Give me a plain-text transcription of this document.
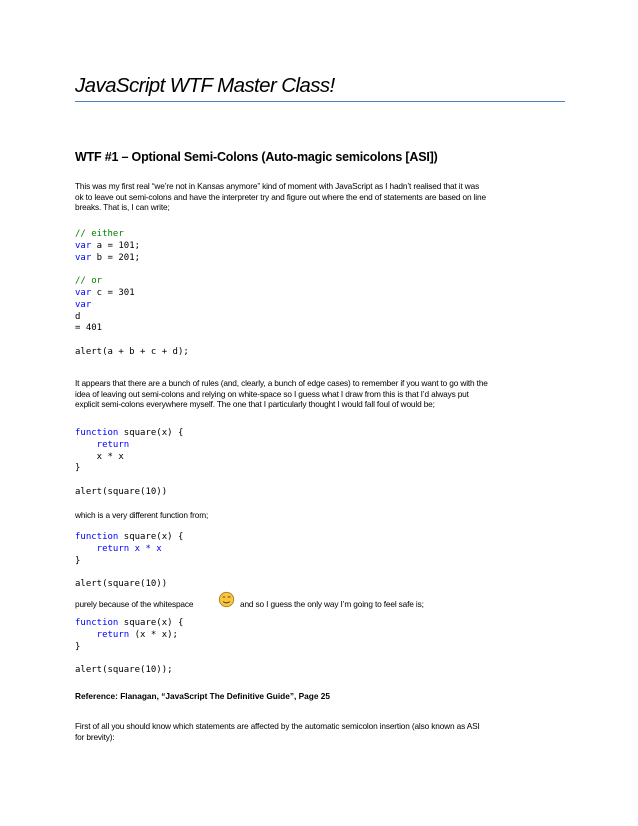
JavaScript WTF Master Class!
WTF #1 – Optional Semi-Colons (Auto-magic semicolons [ASI])

This was my first real “we’re not in Kansas anymore” kind of moment with JavaScript as I hadn’t realised that it was

ok to leave out semi-colons and have the interpreter try and figure out where the end of statements are based on line

breaks. That is, I can write;

// either
var a = 101;
var b = 201;

// or
var c = 301
var
d
= 401

alert(a + b + c + d);

It appears that there are a bunch of rules (and, clearly, a bunch of edge cases) to remember if you want to go with the

idea of leaving out semi-colons and relying on white-space so I guess what I draw from this is that I’d always put

explicit semi-colons everywhere myself. The one that I particularly thought I would fall foul of would be;

function square(x) {
return
x * x
}

alert(square(10))

which is a very different function from;

function square(x) {
return x * x
}

alert(square(10))
purely because of the whitespace	and so I guess the only way I’m going to feel safe is;
function square(x) {
return (x * x);
}

alert(square(10));
Reference: Flanagan, “JavaScript The Definitive Guide”, Page 25

First of all you should know which statements are affected by the automatic semicolon insertion (also known as ASI

for brevity):
